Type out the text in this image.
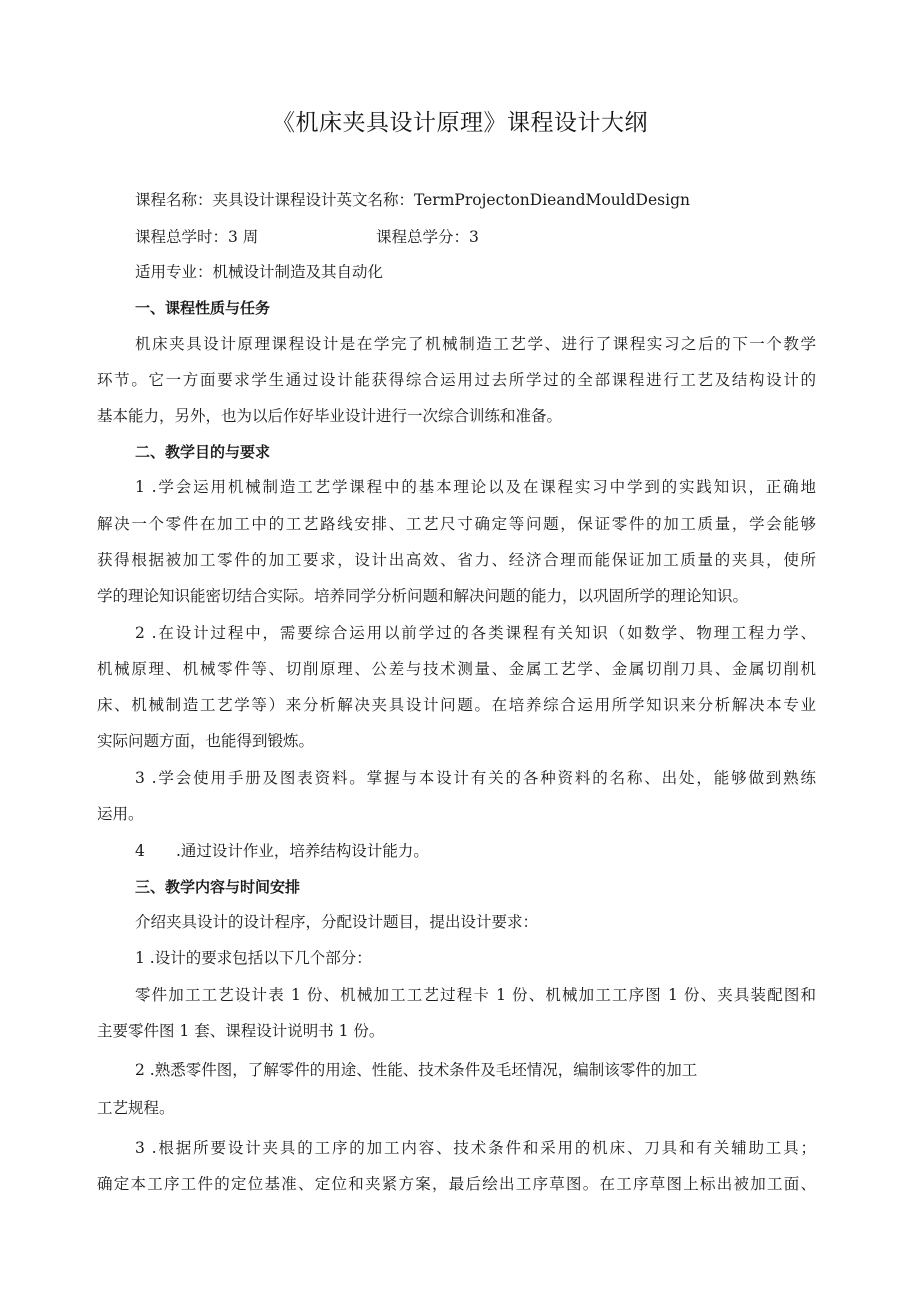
《机床夹具设计原理》课程设计大纲
课程名称：夹具设计课程设计英文名称：TermProjectonDieandMouldDesign
课程总学时：3 周	课程总学分：3
适用专业：机械设计制造及其自动化
一、课程性质与任务
机床夹具设计原理课程设计是在学完了机械制造工艺学、进行了课程实习之后的下一个教学
环节。它一方面要求学生通过设计能获得综合运用过去所学过的全部课程进行工艺及结构设计的
基本能力，另外，也为以后作好毕业设计进行一次综合训练和准备。
二、教学目的与要求
1 .学会运用机械制造工艺学课程中的基本理论以及在课程实习中学到的实践知识，正确地
解决一个零件在加工中的工艺路线安排、工艺尺寸确定等问题，保证零件的加工质量，学会能够
获得根据被加工零件的加工要求，设计出高效、省力、经济合理而能保证加工质量的夹具，使所
学的理论知识能密切结合实际。培养同学分析问题和解决问题的能力，以巩固所学的理论知识。
2 .在设计过程中，需要综合运用以前学过的各类课程有关知识（如数学、物理工程力学、
机械原理、机械零件等、切削原理、公差与技术测量、金属工艺学、金属切削刀具、金属切削机
床、机械制造工艺学等）来分析解决夹具设计问题。在培养综合运用所学知识来分析解决本专业
实际问题方面，也能得到锻炼。
3 .学会使用手册及图表资料。掌握与本设计有关的各种资料的名称、出处，能够做到熟练
运用。
4 .通过设计作业，培养结构设计能力。
三、教学内容与时间安排
介绍夹具设计的设计程序，分配设计题目，提出设计要求：
1 .设计的要求包括以下几个部分：
零件加工工艺设计表 1 份、机械加工工艺过程卡 1 份、机械加工工序图 1 份、夹具装配图和
主要零件图 1 套、课程设计说明书 1 份。
2 .熟悉零件图，了解零件的用途、性能、技术条件及毛坯情况，编制该零件的加工
工艺规程。
3 .根据所要设计夹具的工序的加工内容、技术条件和采用的机床、刀具和有关辅助工具；
确定本工序工件的定位基准、定位和夹紧方案，最后绘出工序草图。在工序草图上标出被加工面、
